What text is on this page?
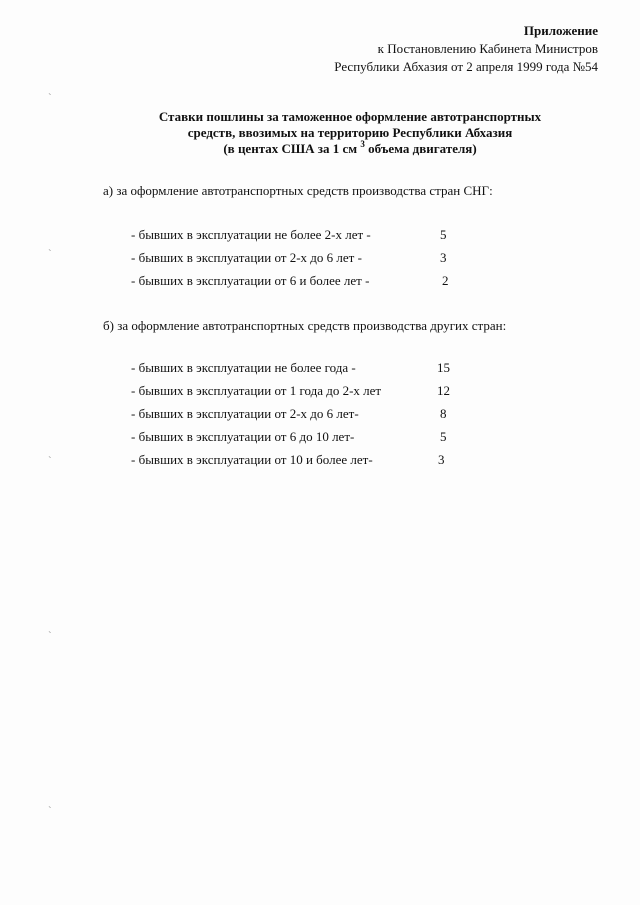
ˋ
ˋ
ˋ
ˋ
ˋ
Приложение
к Постановлению Кабинета Министров
Республики Абхазия от 2 апреля 1999 года №54
Ставки пошлины за таможенное оформление автотранспортных
средств, ввозимых на территорию Республики Абхазия
(в центах США за 1 см $^3$ объема двигателя)
а) за оформление автотранспортных средств производства стран СНГ:
- бывших в эксплуатации не более 2-х лет -	5
- бывших в эксплуатации от 2-х до 6 лет -	3
- бывших в эксплуатации от 6 и более лет -	2
б) за оформление автотранспортных средств производства других стран:
- бывших в эксплуатации не более года -	15
- бывших в эксплуатации от 1 года до 2-х лет	12
- бывших в эксплуатации от 2-х до 6 лет-	8
- бывших в эксплуатации от 6 до 10 лет-	5
- бывших в эксплуатации от 10 и более лет-	3
